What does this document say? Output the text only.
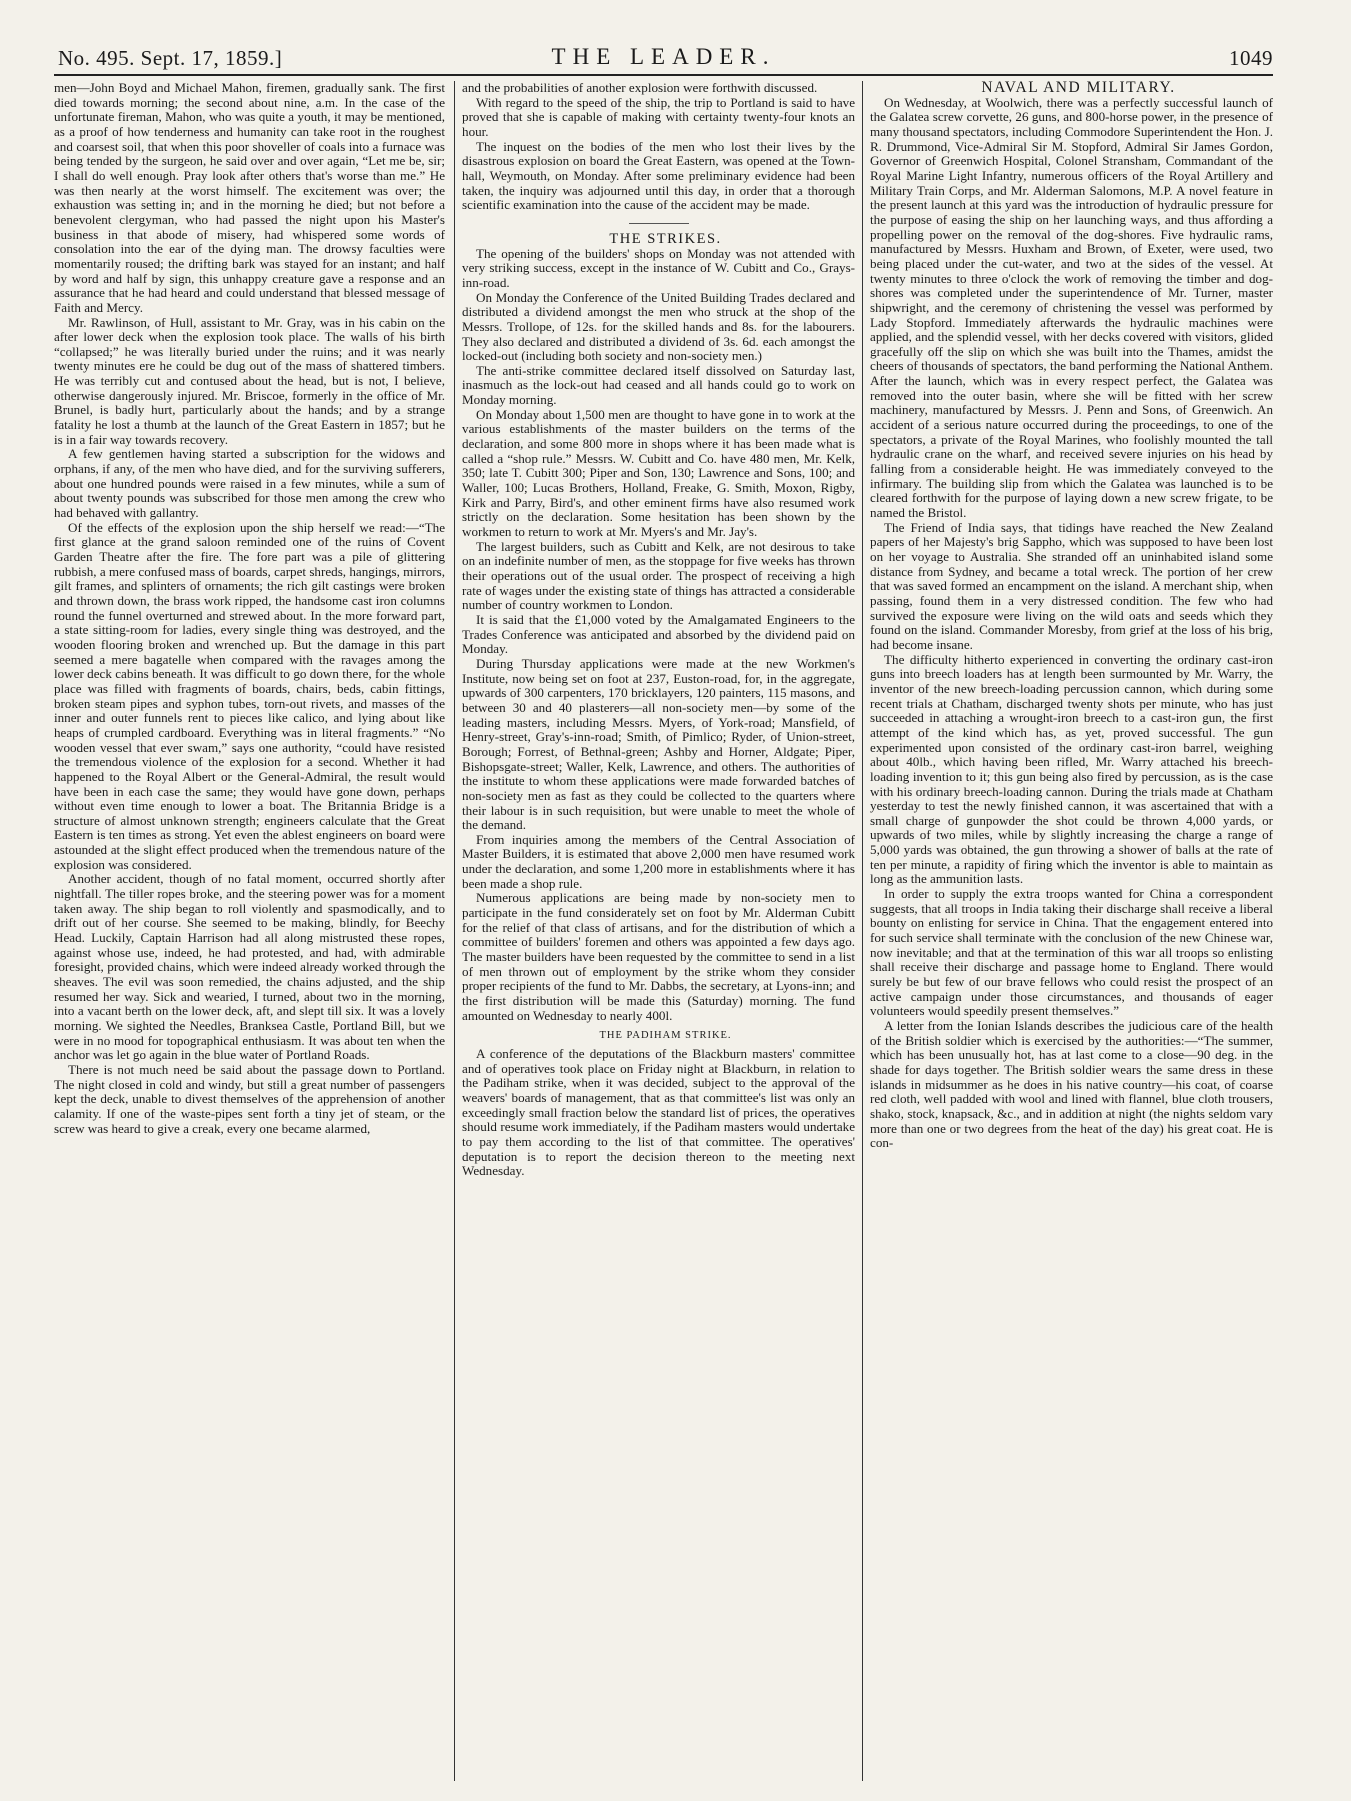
No. 495. Sept. 17, 1859.]	THE LEADER.	1049

men—John Boyd and Michael Mahon, firemen, gradually sank. The first died towards morning; the second about nine, a.m. In the case of the unfortunate fireman, Mahon, who was quite a youth, it may be mentioned, as a proof of how tenderness and humanity can take root in the roughest and coarsest soil, that when this poor shoveller of coals into a furnace was being tended by the surgeon, he said over and over again, “Let me be, sir; I shall do well enough. Pray look after others that's worse than me.” He was then nearly at the worst himself. The excitement was over; the exhaustion was setting in; and in the morning he died; but not before a benevolent clergyman, who had passed the night upon his Master's business in that abode of misery, had whispered some words of consolation into the ear of the dying man. The drowsy faculties were momentarily roused; the drifting bark was stayed for an instant; and half by word and half by sign, this unhappy creature gave a response and an assurance that he had heard and could understand that blessed message of Faith and Mercy.

Mr. Rawlinson, of Hull, assistant to Mr. Gray, was in his cabin on the after lower deck when the explosion took place. The walls of his birth “collapsed;” he was literally buried under the ruins; and it was nearly twenty minutes ere he could be dug out of the mass of shattered timbers. He was terribly cut and contused about the head, but is not, I believe, otherwise dangerously injured. Mr. Briscoe, formerly in the office of Mr. Brunel, is badly hurt, particularly about the hands; and by a strange fatality he lost a thumb at the launch of the Great Eastern in 1857; but he is in a fair way towards recovery.

A few gentlemen having started a subscription for the widows and orphans, if any, of the men who have died, and for the surviving sufferers, about one hundred pounds were raised in a few minutes, while a sum of about twenty pounds was subscribed for those men among the crew who had behaved with gallantry.

Of the effects of the explosion upon the ship herself we read:—“The first glance at the grand saloon reminded one of the ruins of Covent Garden Theatre after the fire. The fore part was a pile of glittering rubbish, a mere confused mass of boards, carpet shreds, hangings, mirrors, gilt frames, and splinters of ornaments; the rich gilt castings were broken and thrown down, the brass work ripped, the handsome cast iron columns round the funnel overturned and strewed about. In the more forward part, a state sitting-room for ladies, every single thing was destroyed, and the wooden flooring broken and wrenched up. But the damage in this part seemed a mere bagatelle when compared with the ravages among the lower deck cabins beneath. It was difficult to go down there, for the whole place was filled with fragments of boards, chairs, beds, cabin fittings, broken steam pipes and syphon tubes, torn-out rivets, and masses of the inner and outer funnels rent to pieces like calico, and lying about like heaps of crumpled cardboard. Everything was in literal fragments.” “No wooden vessel that ever swam,” says one authority, “could have resisted the tremendous violence of the explosion for a second. Whether it had happened to the Royal Albert or the General-Admiral, the result would have been in each case the same; they would have gone down, perhaps without even time enough to lower a boat. The Britannia Bridge is a structure of almost unknown strength; engineers calculate that the Great Eastern is ten times as strong. Yet even the ablest engineers on board were astounded at the slight effect produced when the tremendous nature of the explosion was considered.

Another accident, though of no fatal moment, occurred shortly after nightfall. The tiller ropes broke, and the steering power was for a moment taken away. The ship began to roll violently and spasmodically, and to drift out of her course. She seemed to be making, blindly, for Beechy Head. Luckily, Captain Harrison had all along mistrusted these ropes, against whose use, indeed, he had protested, and had, with admirable foresight, provided chains, which were indeed already worked through the sheaves. The evil was soon remedied, the chains adjusted, and the ship resumed her way. Sick and wearied, I turned, about two in the morning, into a vacant berth on the lower deck, aft, and slept till six. It was a lovely morning. We sighted the Needles, Branksea Castle, Portland Bill, but we were in no mood for topographical enthusiasm. It was about ten when the anchor was let go again in the blue water of Portland Roads.

There is not much need be said about the passage down to Portland. The night closed in cold and windy, but still a great number of passengers kept the deck, unable to divest themselves of the apprehension of another calamity. If one of the waste-pipes sent forth a tiny jet of steam, or the screw was heard to give a creak, every one became alarmed,

and the probabilities of another explosion were forthwith discussed.

With regard to the speed of the ship, the trip to Portland is said to have proved that she is capable of making with certainty twenty-four knots an hour.

The inquest on the bodies of the men who lost their lives by the disastrous explosion on board the Great Eastern, was opened at the Town-hall, Weymouth, on Monday. After some preliminary evidence had been taken, the inquiry was adjourned until this day, in order that a thorough scientific examination into the cause of the accident may be made.

THE STRIKES.

The opening of the builders' shops on Monday was not attended with very striking success, except in the instance of W. Cubitt and Co., Grays-inn-road.

On Monday the Conference of the United Building Trades declared and distributed a dividend amongst the men who struck at the shop of the Messrs. Trollope, of 12s. for the skilled hands and 8s. for the labourers. They also declared and distributed a dividend of 3s. 6d. each amongst the locked-out (including both society and non-society men.)

The anti-strike committee declared itself dissolved on Saturday last, inasmuch as the lock-out had ceased and all hands could go to work on Monday morning.

On Monday about 1,500 men are thought to have gone in to work at the various establishments of the master builders on the terms of the declaration, and some 800 more in shops where it has been made what is called a “shop rule.” Messrs. W. Cubitt and Co. have 480 men, Mr. Kelk, 350; late T. Cubitt 300; Piper and Son, 130; Lawrence and Sons, 100; and Waller, 100; Lucas Brothers, Holland, Freake, G. Smith, Moxon, Rigby, Kirk and Parry, Bird's, and other eminent firms have also resumed work strictly on the declaration. Some hesitation has been shown by the workmen to return to work at Mr. Myers's and Mr. Jay's.

The largest builders, such as Cubitt and Kelk, are not desirous to take on an indefinite number of men, as the stoppage for five weeks has thrown their operations out of the usual order. The prospect of receiving a high rate of wages under the existing state of things has attracted a considerable number of country workmen to London.

It is said that the £1,000 voted by the Amalgamated Engineers to the Trades Conference was anticipated and absorbed by the dividend paid on Monday.

During Thursday applications were made at the new Workmen's Institute, now being set on foot at 237, Euston-road, for, in the aggregate, upwards of 300 carpenters, 170 bricklayers, 120 painters, 115 masons, and between 30 and 40 plasterers—all non-society men—by some of the leading masters, including Messrs. Myers, of York-road; Mansfield, of Henry-street, Gray's-inn-road; Smith, of Pimlico; Ryder, of Union-street, Borough; Forrest, of Bethnal-green; Ashby and Horner, Aldgate; Piper, Bishopsgate-street; Waller, Kelk, Lawrence, and others. The authorities of the institute to whom these applications were made forwarded batches of non-society men as fast as they could be collected to the quarters where their labour is in such requisition, but were unable to meet the whole of the demand.

From inquiries among the members of the Central Association of Master Builders, it is estimated that above 2,000 men have resumed work under the declaration, and some 1,200 more in establishments where it has been made a shop rule.

Numerous applications are being made by non-society men to participate in the fund considerately set on foot by Mr. Alderman Cubitt for the relief of that class of artisans, and for the distribution of which a committee of builders' foremen and others was appointed a few days ago. The master builders have been requested by the committee to send in a list of men thrown out of employment by the strike whom they consider proper recipients of the fund to Mr. Dabbs, the secretary, at Lyons-inn; and the first distribution will be made this (Saturday) morning. The fund amounted on Wednesday to nearly 400l.

THE PADIHAM STRIKE.

A conference of the deputations of the Blackburn masters' committee and of operatives took place on Friday night at Blackburn, in relation to the Padiham strike, when it was decided, subject to the approval of the weavers' boards of management, that as that committee's list was only an exceedingly small fraction below the standard list of prices, the operatives should resume work immediately, if the Padiham masters would undertake to pay them according to the list of that committee. The operatives' deputation is to report the decision thereon to the meeting next Wednesday.

NAVAL AND MILITARY.

On Wednesday, at Woolwich, there was a perfectly successful launch of the Galatea screw corvette, 26 guns, and 800-horse power, in the presence of many thousand spectators, including Commodore Superintendent the Hon. J. R. Drummond, Vice-Admiral Sir M. Stopford, Admiral Sir James Gordon, Governor of Greenwich Hospital, Colonel Stransham, Commandant of the Royal Marine Light Infantry, numerous officers of the Royal Artillery and Military Train Corps, and Mr. Alderman Salomons, M.P. A novel feature in the present launch at this yard was the introduction of hydraulic pressure for the purpose of easing the ship on her launching ways, and thus affording a propelling power on the removal of the dog-shores. Five hydraulic rams, manufactured by Messrs. Huxham and Brown, of Exeter, were used, two being placed under the cut-water, and two at the sides of the vessel. At twenty minutes to three o'clock the work of removing the timber and dog-shores was completed under the superintendence of Mr. Turner, master shipwright, and the ceremony of christening the vessel was performed by Lady Stopford. Immediately afterwards the hydraulic machines were applied, and the splendid vessel, with her decks covered with visitors, glided gracefully off the slip on which she was built into the Thames, amidst the cheers of thousands of spectators, the band performing the National Anthem. After the launch, which was in every respect perfect, the Galatea was removed into the outer basin, where she will be fitted with her screw machinery, manufactured by Messrs. J. Penn and Sons, of Greenwich. An accident of a serious nature occurred during the proceedings, to one of the spectators, a private of the Royal Marines, who foolishly mounted the tall hydraulic crane on the wharf, and received severe injuries on his head by falling from a considerable height. He was immediately conveyed to the infirmary. The building slip from which the Galatea was launched is to be cleared forthwith for the purpose of laying down a new screw frigate, to be named the Bristol.

The Friend of India says, that tidings have reached the New Zealand papers of her Majesty's brig Sappho, which was supposed to have been lost on her voyage to Australia. She stranded off an uninhabited island some distance from Sydney, and became a total wreck. The portion of her crew that was saved formed an encampment on the island. A merchant ship, when passing, found them in a very distressed condition. The few who had survived the exposure were living on the wild oats and seeds which they found on the island. Commander Moresby, from grief at the loss of his brig, had become insane.

The difficulty hitherto experienced in converting the ordinary cast-iron guns into breech loaders has at length been surmounted by Mr. Warry, the inventor of the new breech-loading percussion cannon, which during some recent trials at Chatham, discharged twenty shots per minute, who has just succeeded in attaching a wrought-iron breech to a cast-iron gun, the first attempt of the kind which has, as yet, proved successful. The gun experimented upon consisted of the ordinary cast-iron barrel, weighing about 40lb., which having been rifled, Mr. Warry attached his breech-loading invention to it; this gun being also fired by percussion, as is the case with his ordinary breech-loading cannon. During the trials made at Chatham yesterday to test the newly finished cannon, it was ascertained that with a small charge of gunpowder the shot could be thrown 4,000 yards, or upwards of two miles, while by slightly increasing the charge a range of 5,000 yards was obtained, the gun throwing a shower of balls at the rate of ten per minute, a rapidity of firing which the inventor is able to maintain as long as the ammunition lasts.

In order to supply the extra troops wanted for China a correspondent suggests, that all troops in India taking their discharge shall receive a liberal bounty on enlisting for service in China. That the engagement entered into for such service shall terminate with the conclusion of the new Chinese war, now inevitable; and that at the termination of this war all troops so enlisting shall receive their discharge and passage home to England. There would surely be but few of our brave fellows who could resist the prospect of an active campaign under those circumstances, and thousands of eager volunteers would speedily present themselves.”

A letter from the Ionian Islands describes the judicious care of the health of the British soldier which is exercised by the authorities:—“The summer, which has been unusually hot, has at last come to a close—90 deg. in the shade for days together. The British soldier wears the same dress in these islands in midsummer as he does in his native country—his coat, of coarse red cloth, well padded with wool and lined with flannel, blue cloth trousers, shako, stock, knapsack, &c., and in addition at night (the nights seldom vary more than one or two degrees from the heat of the day) his great coat. He is con-
